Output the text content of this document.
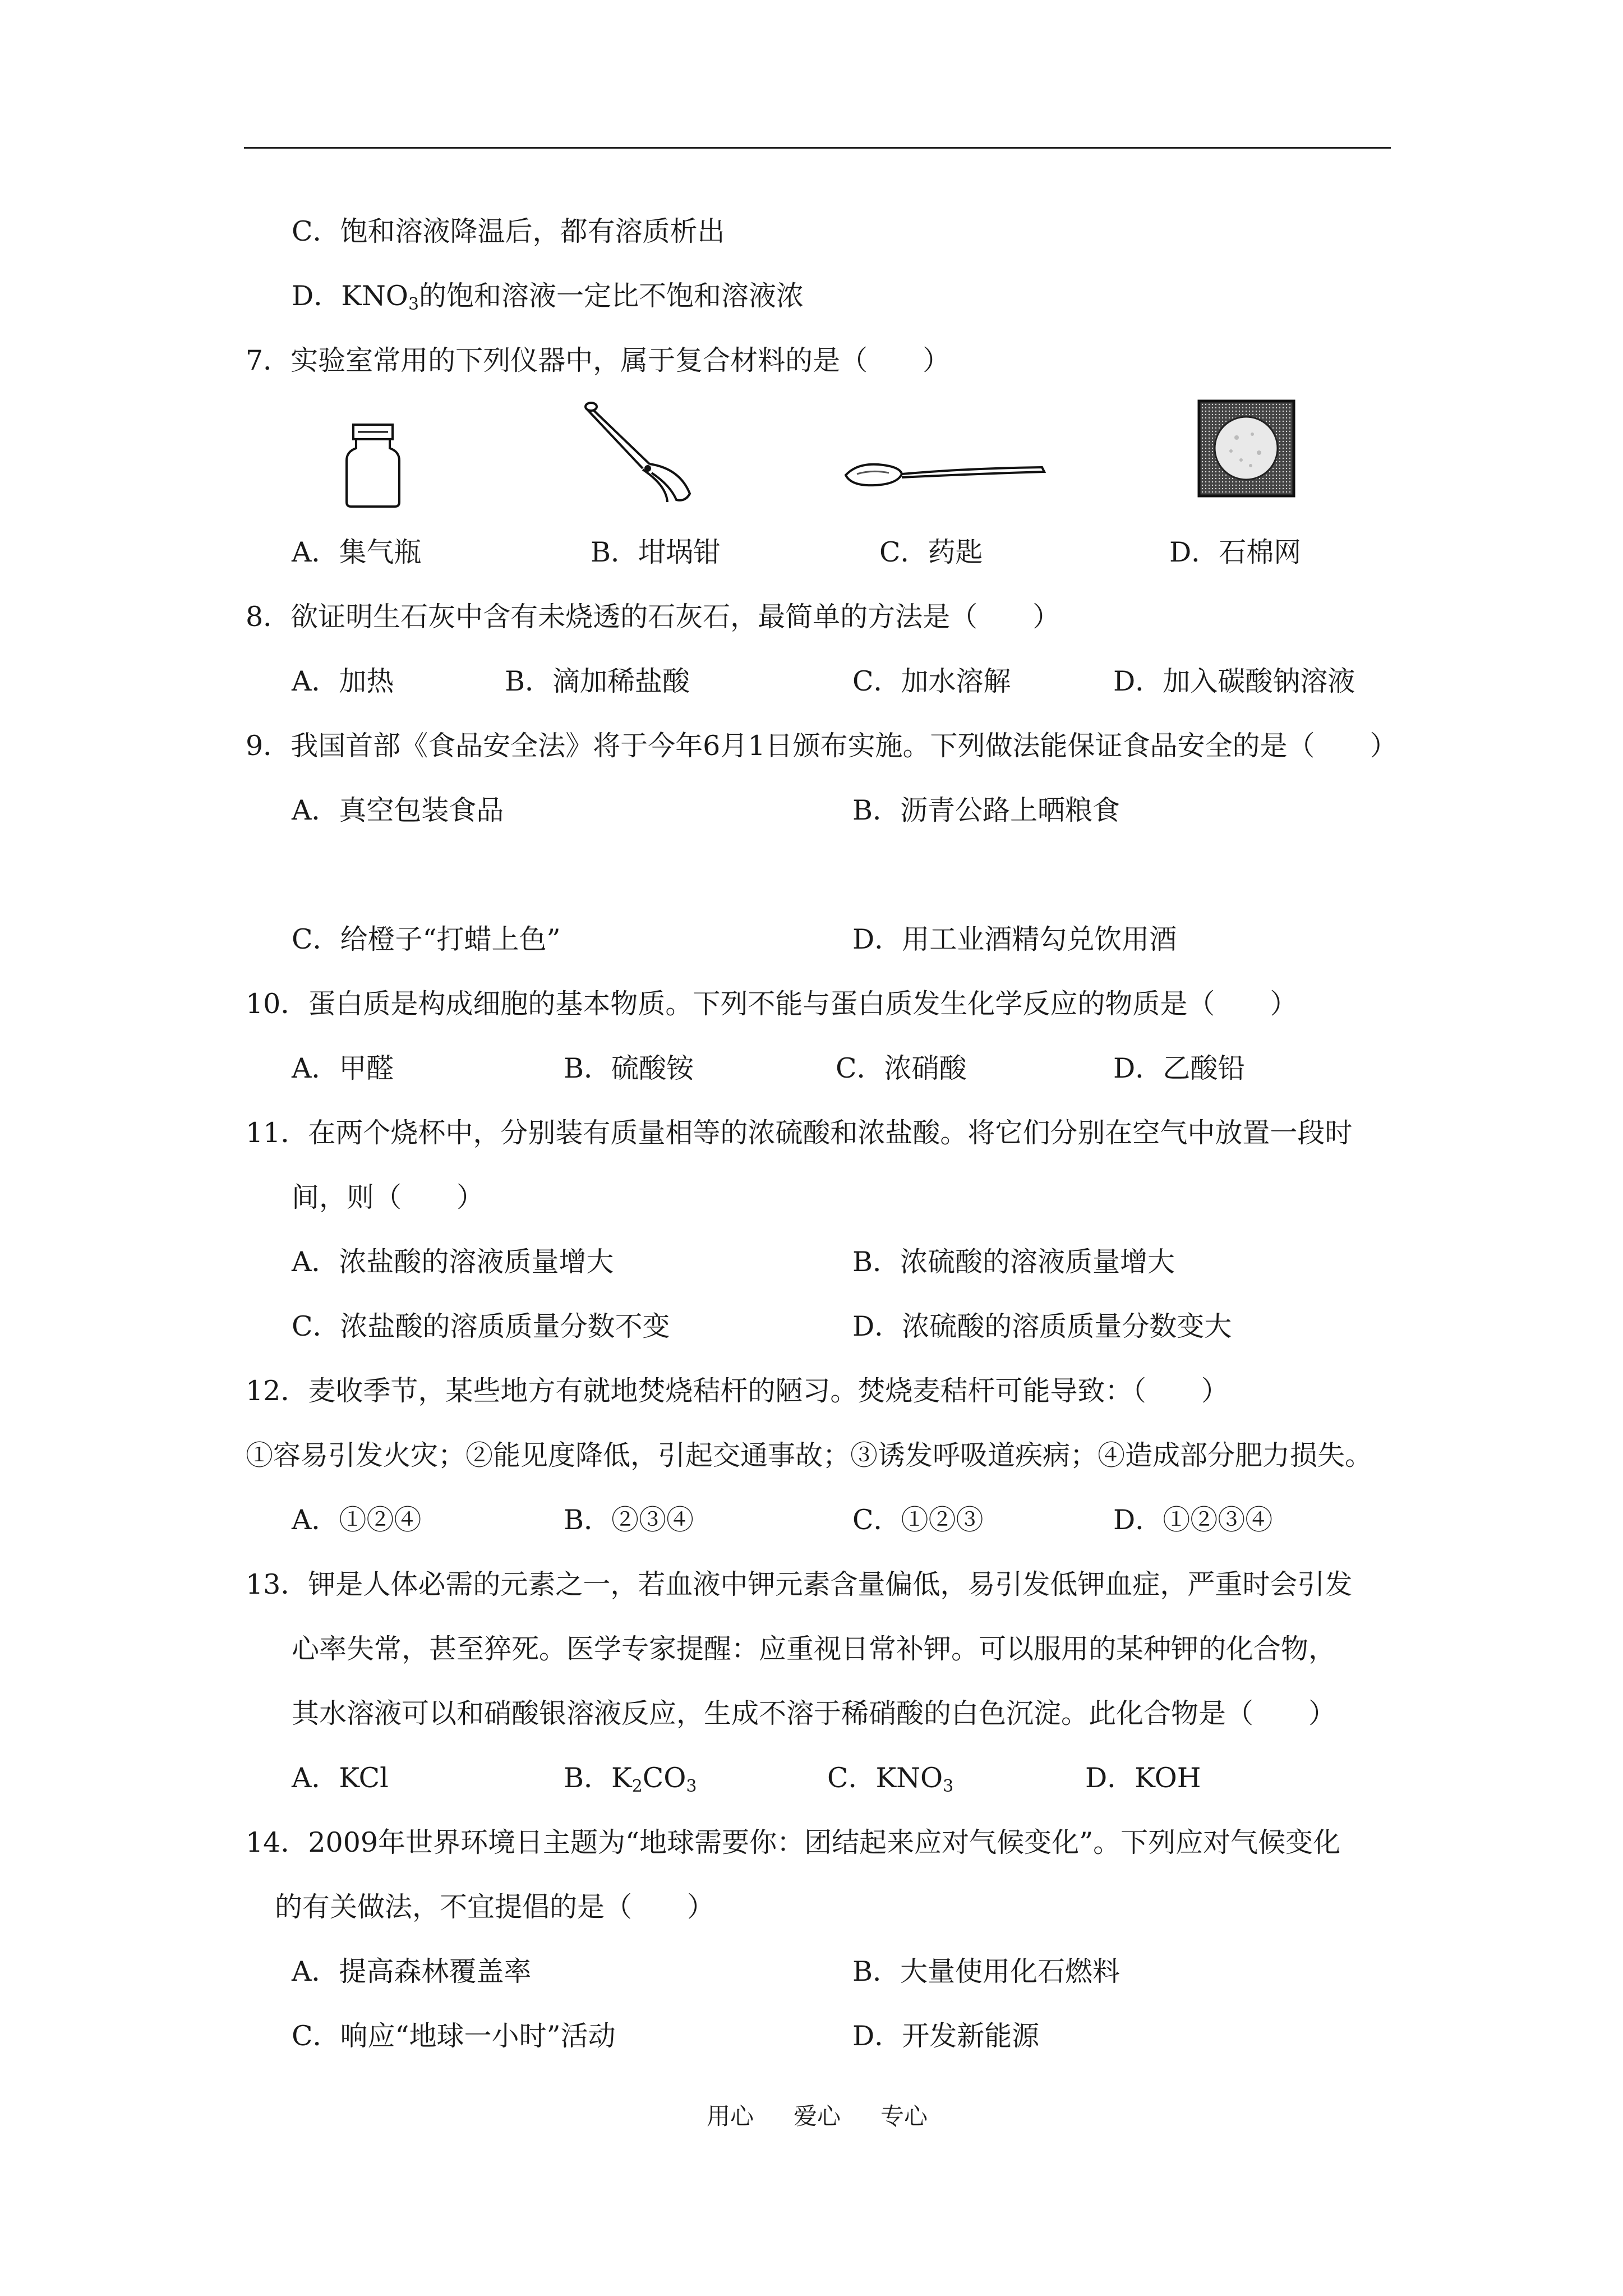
C．饱和溶液降温后，都有溶质析出
D．$KNO_3$的饱和溶液一定比不饱和溶液浓
7．实验室常用的下列仪器中，属于复合材料的是（　　）
A．集气瓶	B．坩埚钳	C．药匙	D．石棉网
8．欲证明生石灰中含有未烧透的石灰石，最简单的方法是（　　）
A．加热	B．滴加稀盐酸	C．加水溶解	D．加入碳酸钠溶液
9．我国首部《食品安全法》将于今年6月1日颁布实施。下列做法能保证食品安全的是（　　）
A．真空包装食品	B．沥青公路上晒粮食
C．给橙子“打蜡上色”	D．用工业酒精勾兑饮用酒
10．蛋白质是构成细胞的基本物质。下列不能与蛋白质发生化学反应的物质是（　　）
A．甲醛	B．硫酸铵	C．浓硝酸	D．乙酸铅
11．在两个烧杯中，分别装有质量相等的浓硫酸和浓盐酸。将它们分别在空气中放置一段时
间，则（　　）
A．浓盐酸的溶液质量增大	B．浓硫酸的溶液质量增大
C．浓盐酸的溶质质量分数不变	D．浓硫酸的溶质质量分数变大
12．麦收季节，某些地方有就地焚烧秸杆的陋习。焚烧麦秸杆可能导致：（　　）
①容易引发火灾；②能见度降低，引起交通事故；③诱发呼吸道疾病；④造成部分肥力损失。
A．①②④	B．②③④	C．①②③	D．①②③④
13．钾是人体必需的元素之一，若血液中钾元素含量偏低，易引发低钾血症，严重时会引发
心率失常，甚至猝死。医学专家提醒：应重视日常补钾。可以服用的某种钾的化合物，
其水溶液可以和硝酸银溶液反应，生成不溶于稀硝酸的白色沉淀。此化合物是（　　）
A．KCl	B．$K_2CO_3$	C．$KNO_3$	D．KOH
14．2009年世界环境日主题为“地球需要你：团结起来应对气候变化”。下列应对气候变化
的有关做法，不宜提倡的是（　　）
A．提高森林覆盖率	B．大量使用化石燃料
C．响应“地球一小时”活动	D．开发新能源
用心 爱心 专心
